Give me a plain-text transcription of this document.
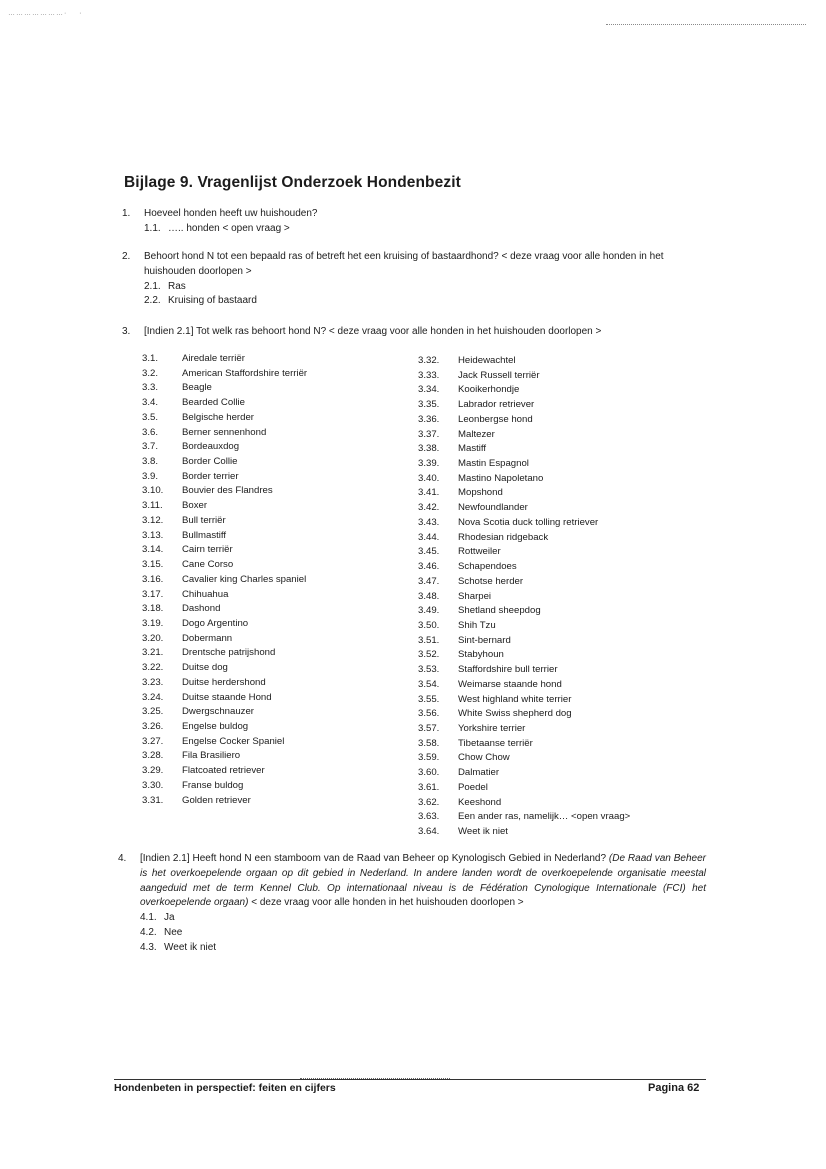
…………………·    ·
Bijlage 9. Vragenlijst Onderzoek Hondenbezit
1. Hoeveel honden heeft uw huishouden?
1.1. ….. honden < open vraag >
2. Behoort hond N tot een bepaald ras of betreft het een kruising of bastaardhond? < deze vraag voor alle honden in het huishouden doorlopen >
2.1. Ras
2.2. Kruising of bastaard
3. [Indien 2.1] Tot welk ras behoort hond N? < deze vraag voor alle honden in het huishouden doorlopen >
3.1. Airedale terriër
3.2. American Staffordshire terriër
3.3. Beagle
3.4. Bearded Collie
3.5. Belgische herder
3.6. Berner sennenhond
3.7. Bordeauxdog
3.8. Border Collie
3.9. Border terrier
3.10. Bouvier des Flandres
3.11. Boxer
3.12. Bull terriër
3.13. Bullmastiff
3.14. Cairn terriër
3.15. Cane Corso
3.16. Cavalier king Charles spaniel
3.17. Chihuahua
3.18. Dashond
3.19. Dogo Argentino
3.20. Dobermann
3.21. Drentsche patrijshond
3.22. Duitse dog
3.23. Duitse herdershond
3.24. Duitse staande Hond
3.25. Dwergschnauzer
3.26. Engelse buldog
3.27. Engelse Cocker Spaniel
3.28. Fila Brasiliero
3.29. Flatcoated retriever
3.30. Franse buldog
3.31. Golden retriever
3.32. Heidewachtel
3.33. Jack Russell terriër
3.34. Kooikerhondje
3.35. Labrador retriever
3.36. Leonbergse hond
3.37. Maltezer
3.38. Mastiff
3.39. Mastin Espagnol
3.40. Mastino Napoletano
3.41. Mopshond
3.42. Newfoundlander
3.43. Nova Scotia duck tolling retriever
3.44. Rhodesian ridgeback
3.45. Rottweiler
3.46. Schapendoes
3.47. Schotse herder
3.48. Sharpei
3.49. Shetland sheepdog
3.50. Shih Tzu
3.51. Sint-bernard
3.52. Stabyhoun
3.53. Staffordshire bull terrier
3.54. Weimarse staande hond
3.55. West highland white terrier
3.56. White Swiss shepherd dog
3.57. Yorkshire terrier
3.58. Tibetaanse terriër
3.59. Chow Chow
3.60. Dalmatier
3.61. Poedel
3.62. Keeshond
3.63. Een ander ras, namelijk… <open vraag>
3.64. Weet ik niet
4. [Indien 2.1] Heeft hond N een stamboom van de Raad van Beheer op Kynologisch Gebied in Nederland? (De Raad van Beheer is het overkoepelende orgaan op dit gebied in Nederland. In andere landen wordt de overkoepelende organisatie meestal aangeduid met de term Kennel Club. Op internationaal niveau is de Fédération Cynologique Internationale (FCI) het overkoepelende orgaan) < deze vraag voor alle honden in het huishouden doorlopen >
4.1. Ja
4.2. Nee
4.3. Weet ik niet
Hondenbeten in perspectief: feiten en cijfers	Pagina 62
